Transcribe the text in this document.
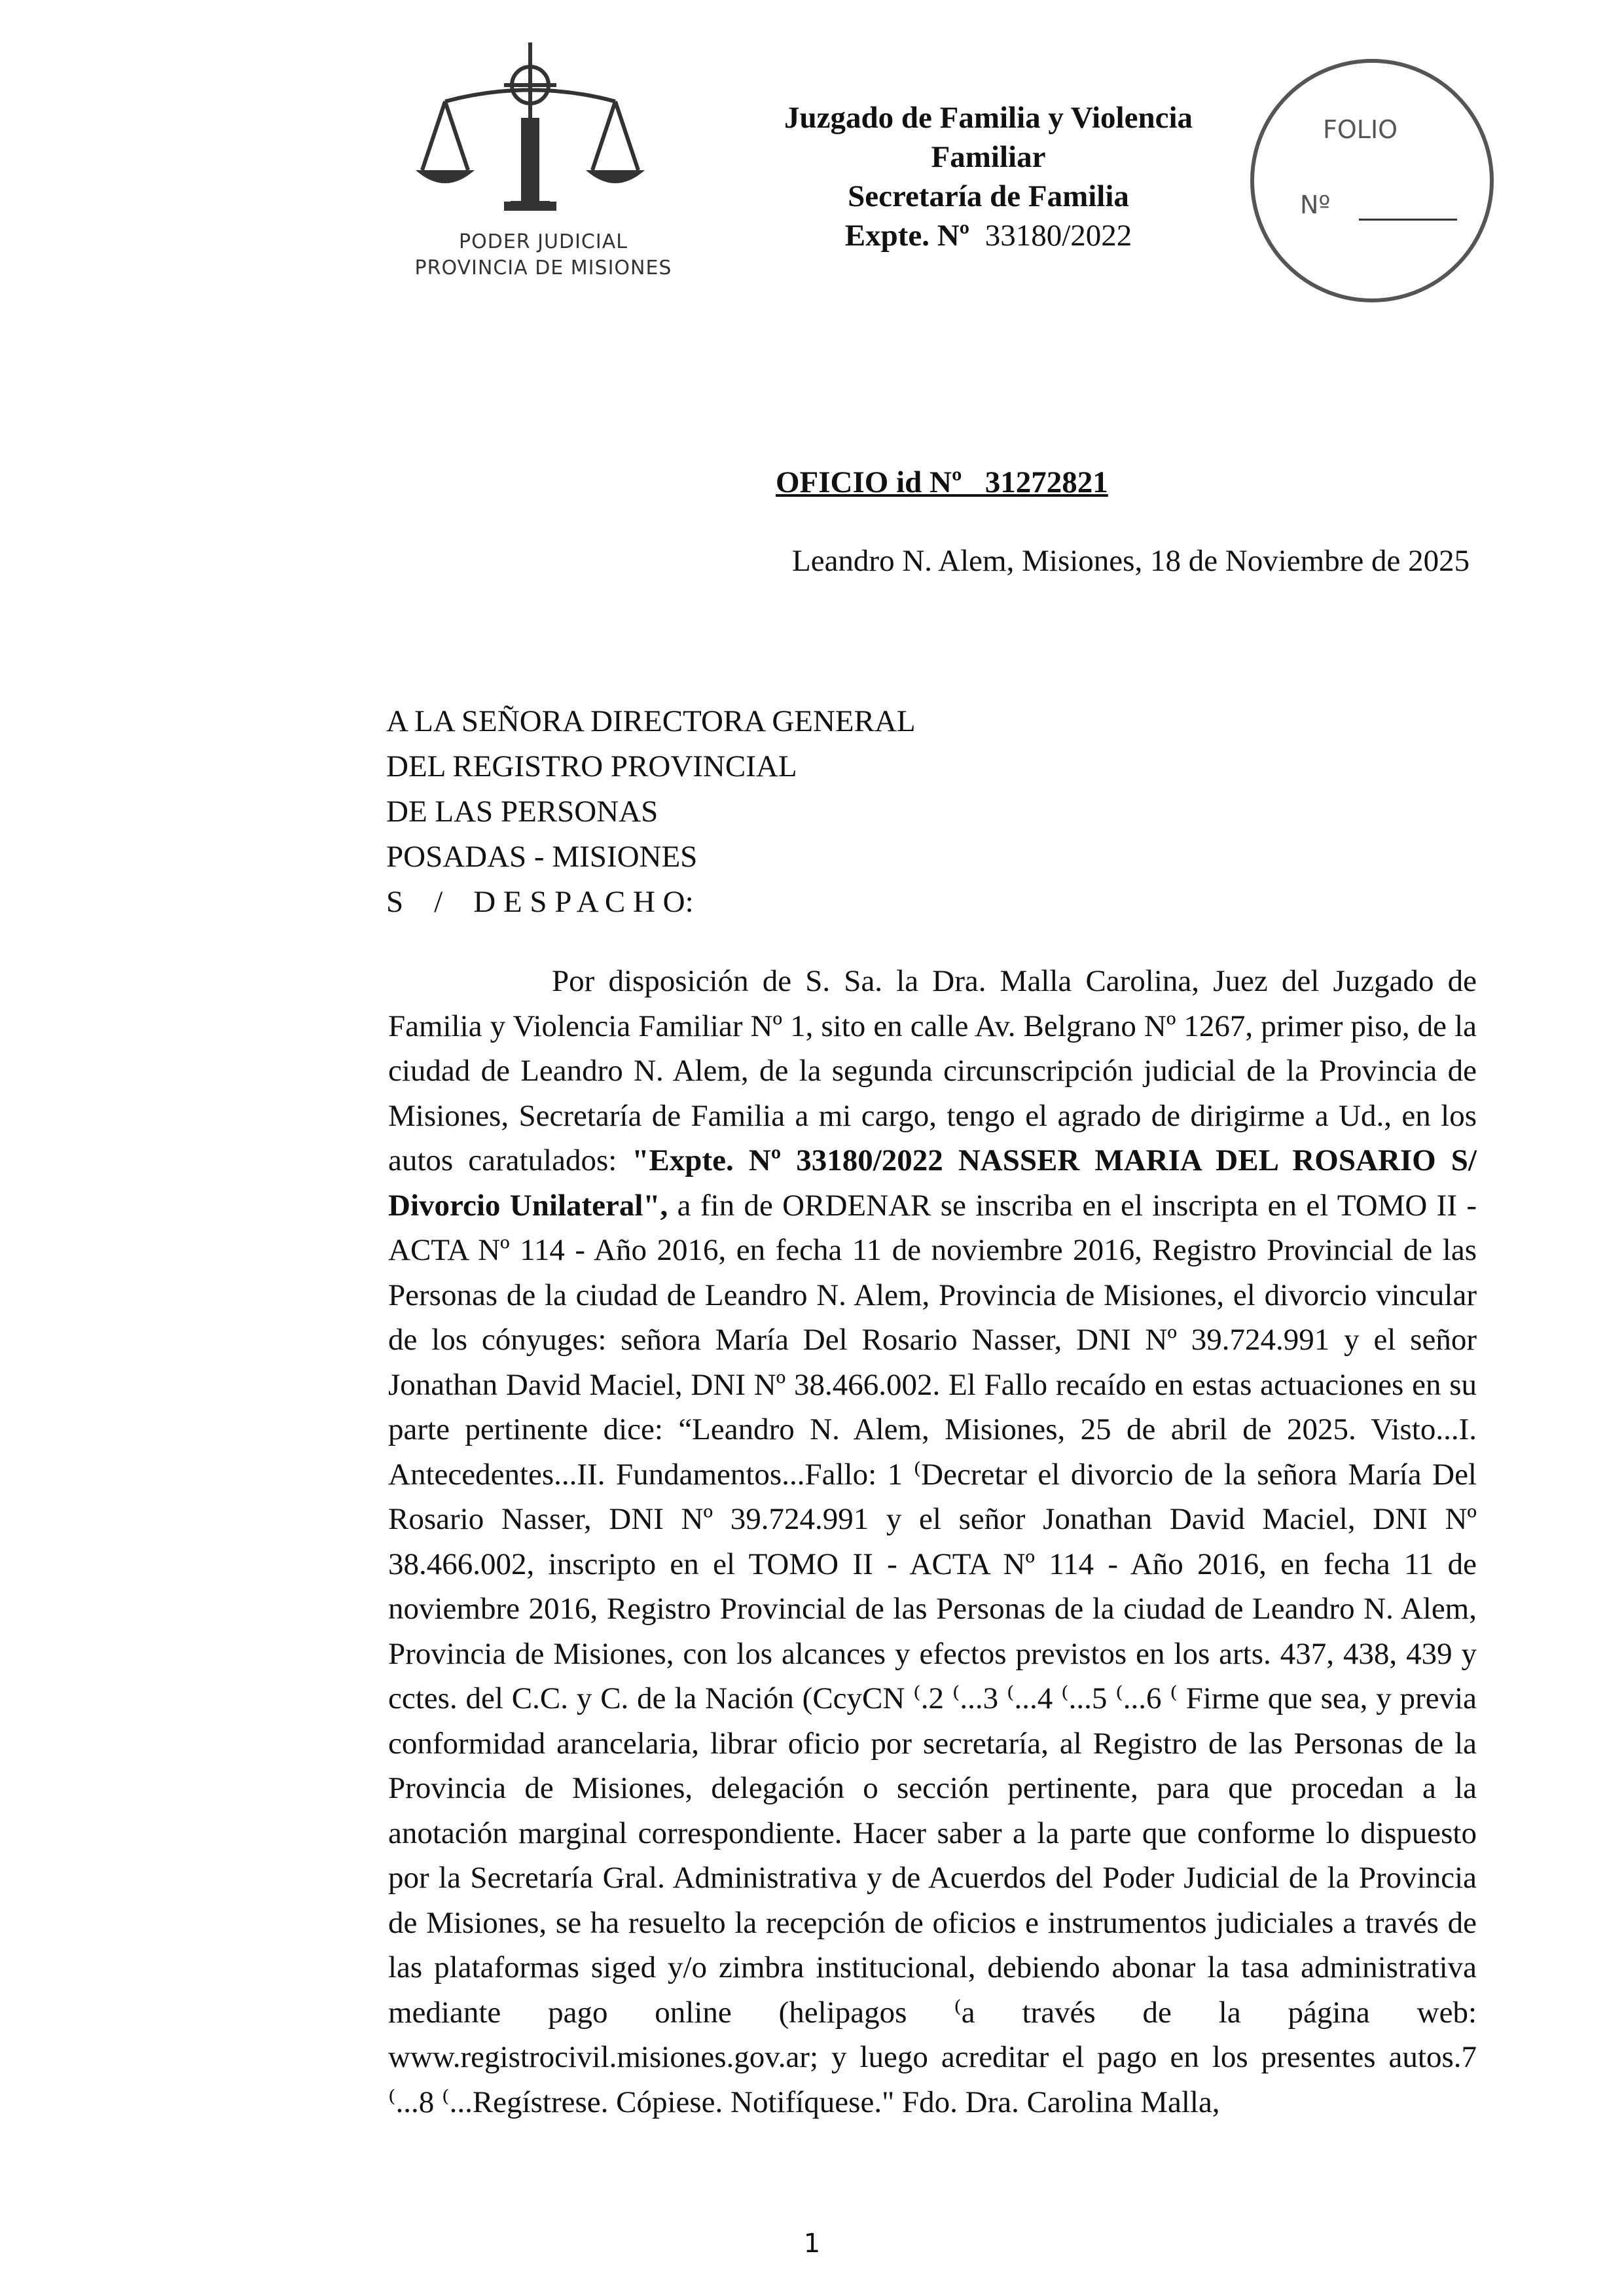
PODER JUDICIAL
PROVINCIA DE MISIONES
Juzgado de Familia y Violencia
Familiar
Secretaría de Familia
Expte. Nº 33180/2022
FOLIO
Nº
OFICIO id Nº   31272821
Leandro N. Alem, Misiones, 18 de Noviembre de 2025
A LA SEÑORA DIRECTORA GENERAL
DEL REGISTRO PROVINCIAL
DE LAS PERSONAS
POSADAS - MISIONES
S    /    D E S P A C H O:

Por disposición de S. Sa. la Dra. Malla Carolina, Juez del Juzgado de Familia y Violencia Familiar Nº 1, sito en calle Av. Belgrano Nº 1267, primer piso, de la ciudad de Leandro N. Alem, de la segunda circunscripción judicial de la Provincia de Misiones, Secretaría de Familia a mi cargo, tengo el agrado de dirigirme a Ud., en los autos caratulados: "Expte. Nº 33180/2022 NASSER MARIA DEL ROSARIO S/ Divorcio Unilateral", a fin de ORDENAR se inscriba en el inscripta en el TOMO II - ACTA Nº 114 - Año 2016, en fecha 11 de noviembre 2016, Registro Provincial de las Personas de la ciudad de Leandro N. Alem, Provincia de Misiones, el divorcio vincular de los cónyuges: señora María Del Rosario Nasser, DNI Nº 39.724.991 y el señor Jonathan David Maciel, DNI Nº 38.466.002. El Fallo recaído en estas actuaciones en su parte pertinente dice: “Leandro N. Alem, Misiones, 25 de abril de 2025. Visto...I. Antecedentes...II. Fundamentos...Fallo: 1 ⁽Decretar el divorcio de la señora María Del Rosario Nasser, DNI Nº 39.724.991 y el señor Jonathan David Maciel, DNI Nº 38.466.002, inscripto en el TOMO II - ACTA Nº 114 - Año 2016, en fecha 11 de noviembre 2016, Registro Provincial de las Personas de la ciudad de Leandro N. Alem, Provincia de Misiones, con los alcances y efectos previstos en los arts. 437, 438, 439 y cctes. del C.C. y C. de la Nación (CcyCN ⁽.2 ⁽...3 ⁽...4 ⁽...5 ⁽...6 ⁽ Firme que sea, y previa conformidad arancelaria, librar oficio por secretaría, al Registro de las Personas de la Provincia de Misiones, delegación o sección pertinente, para que procedan a la anotación marginal correspondiente. Hacer saber a la parte que conforme lo dispuesto por la Secretaría Gral. Administrativa y de Acuerdos del Poder Judicial de la Provincia de Misiones, se ha resuelto la recepción de oficios e instrumentos judiciales a través de las plataformas siged y/o zimbra institucional, debiendo abonar la tasa administrativa mediante pago online (helipagos ⁽a través de la página web: www.registrocivil.misiones.gov.ar; y luego acreditar el pago en los presentes autos.7 ⁽...8 ⁽...Regístrese. Cópiese. Notifíquese." Fdo. Dra. Carolina Malla,

1
